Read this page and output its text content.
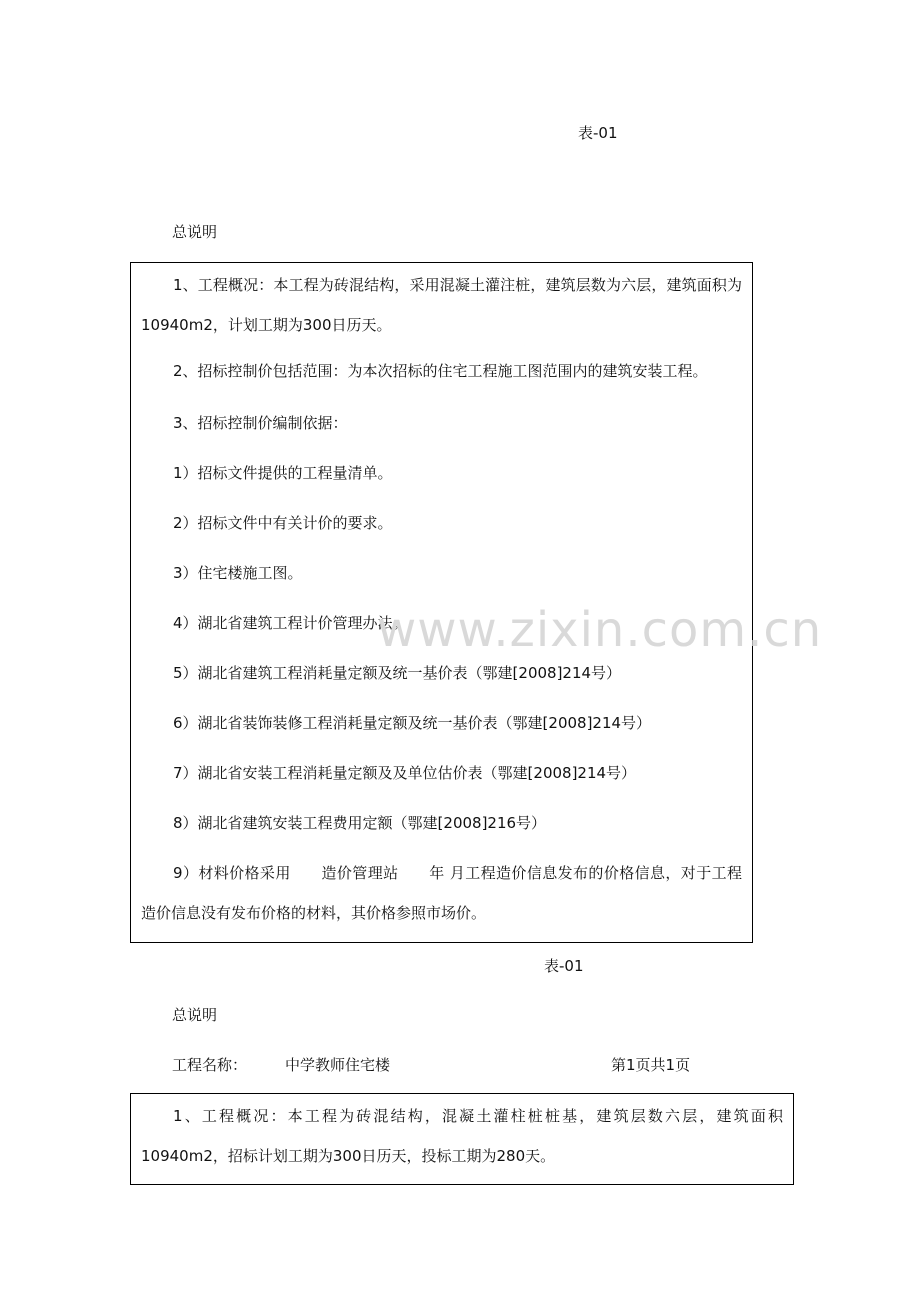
表-01
总说明
1、工程概况：本工程为砖混结构，采用混凝土灌注桩，建筑层数为六层，建筑面积为10940m2，计划工期为300日历天。
2、招标控制价包括范围：为本次招标的住宅工程施工图范围内的建筑安装工程。
3、招标控制价编制依据：
1）招标文件提供的工程量清单。
2）招标文件中有关计价的要求。
3）住宅楼施工图。
4）湖北省建筑工程计价管理办法。
5）湖北省建筑工程消耗量定额及统一基价表（鄂建[2008]214号）
6）湖北省装饰装修工程消耗量定额及统一基价表（鄂建[2008]214号）
7）湖北省安装工程消耗量定额及及单位估价表（鄂建[2008]214号）
8）湖北省建筑安装工程费用定额（鄂建[2008]216号）
9）材料价格采用　　造价管理站　　年 月工程造价信息发布的价格信息，对于工程造价信息没有发布价格的材料，其价格参照市场价。
www.zixin.com.cn
表-01
总说明
工程名称：	中学教师住宅楼	第1页共1页
1、工程概况：本工程为砖混结构，混凝土灌柱桩桩基，建筑层数六层，建筑面积10940m2，招标计划工期为300日历天，投标工期为280天。
